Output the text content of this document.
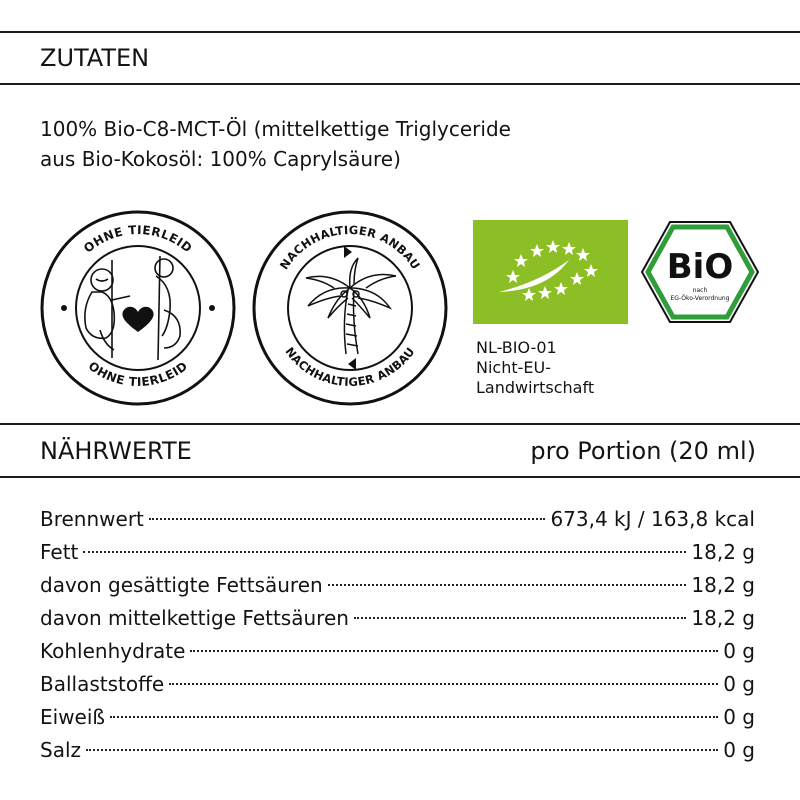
ZUTATEN
100% Bio-C8-MCT-Öl (mittelkettige Triglyceride
aus Bio-Kokosöl: 100% Caprylsäure)
OHNE TIERLEID
OHNE TIERLEID
NACHHALTIGER ANBAU
NACHHALTIGER ANBAU
BiO
nach
EG-Öko-Verordnung
NL-BIO-01
Nicht-EU-
Landwirtschaft
NÄHRWERTE	pro Portion (20 ml)
Brennwert	673,4 kJ / 163,8 kcal
Fett	18,2 g
davon gesättigte Fettsäuren	18,2 g
davon mittelkettige Fettsäuren	18,2 g
Kohlenhydrate	0 g
Ballaststoffe	0 g
Eiweiß	0 g
Salz	0 g
